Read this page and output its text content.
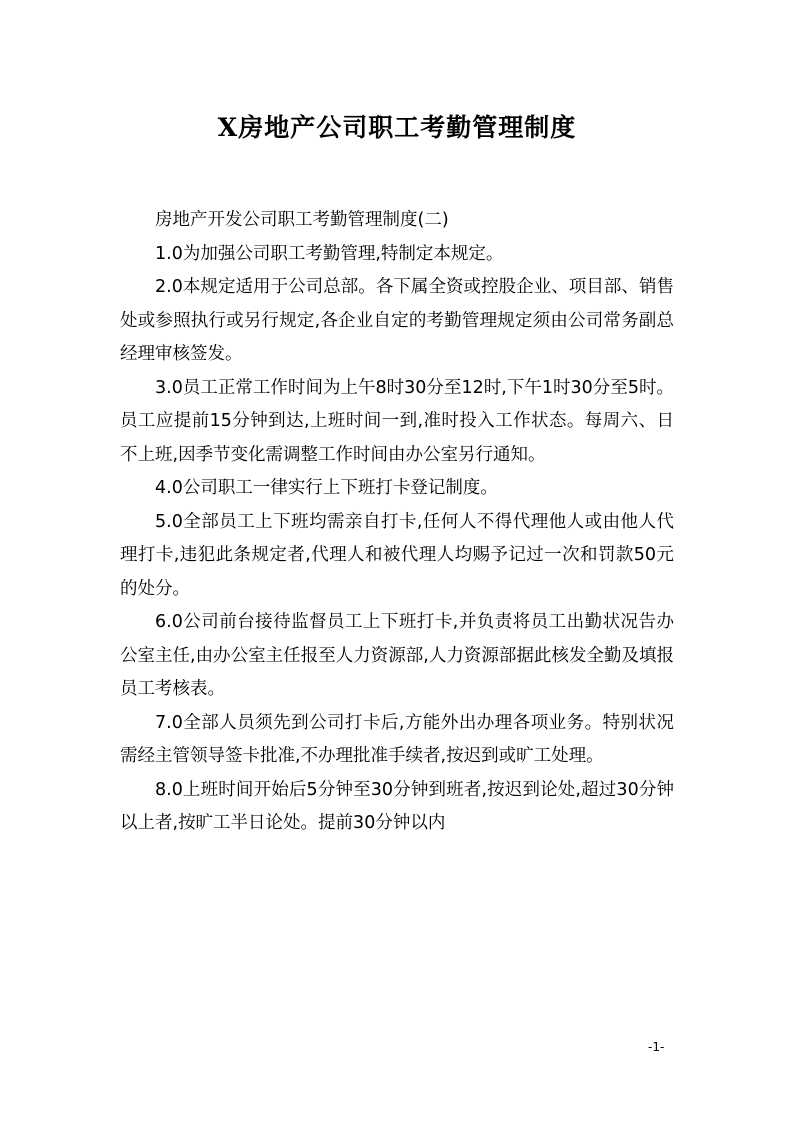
X房地产公司职工考勤管理制度

房地产开发公司职工考勤管理制度(二)

1.0为加强公司职工考勤管理,特制定本规定。

2.0本规定适用于公司总部。各下属全资或控股企业、项目部、销售处或参照执行或另行规定,各企业自定的考勤管理规定须由公司常务副总经理审核签发。

3.0员工正常工作时间为上午8时30分至12时,下午1时30分至5时。员工应提前15分钟到达,上班时间一到,准时投入工作状态。每周六、日不上班,因季节变化需调整工作时间由办公室另行通知。

4.0公司职工一律实行上下班打卡登记制度。

5.0全部员工上下班均需亲自打卡,任何人不得代理他人或由他人代理打卡,违犯此条规定者,代理人和被代理人均赐予记过一次和罚款50元的处分。

6.0公司前台接待监督员工上下班打卡,并负责将员工出勤状况告办公室主任,由办公室主任报至人力资源部,人力资源部据此核发全勤及填报员工考核表。

7.0全部人员须先到公司打卡后,方能外出办理各项业务。特别状况需经主管领导签卡批准,不办理批准手续者,按迟到或旷工处理。

8.0上班时间开始后5分钟至30分钟到班者,按迟到论处,超过30分钟以上者,按旷工半日论处。提前30分钟以内

-1-
